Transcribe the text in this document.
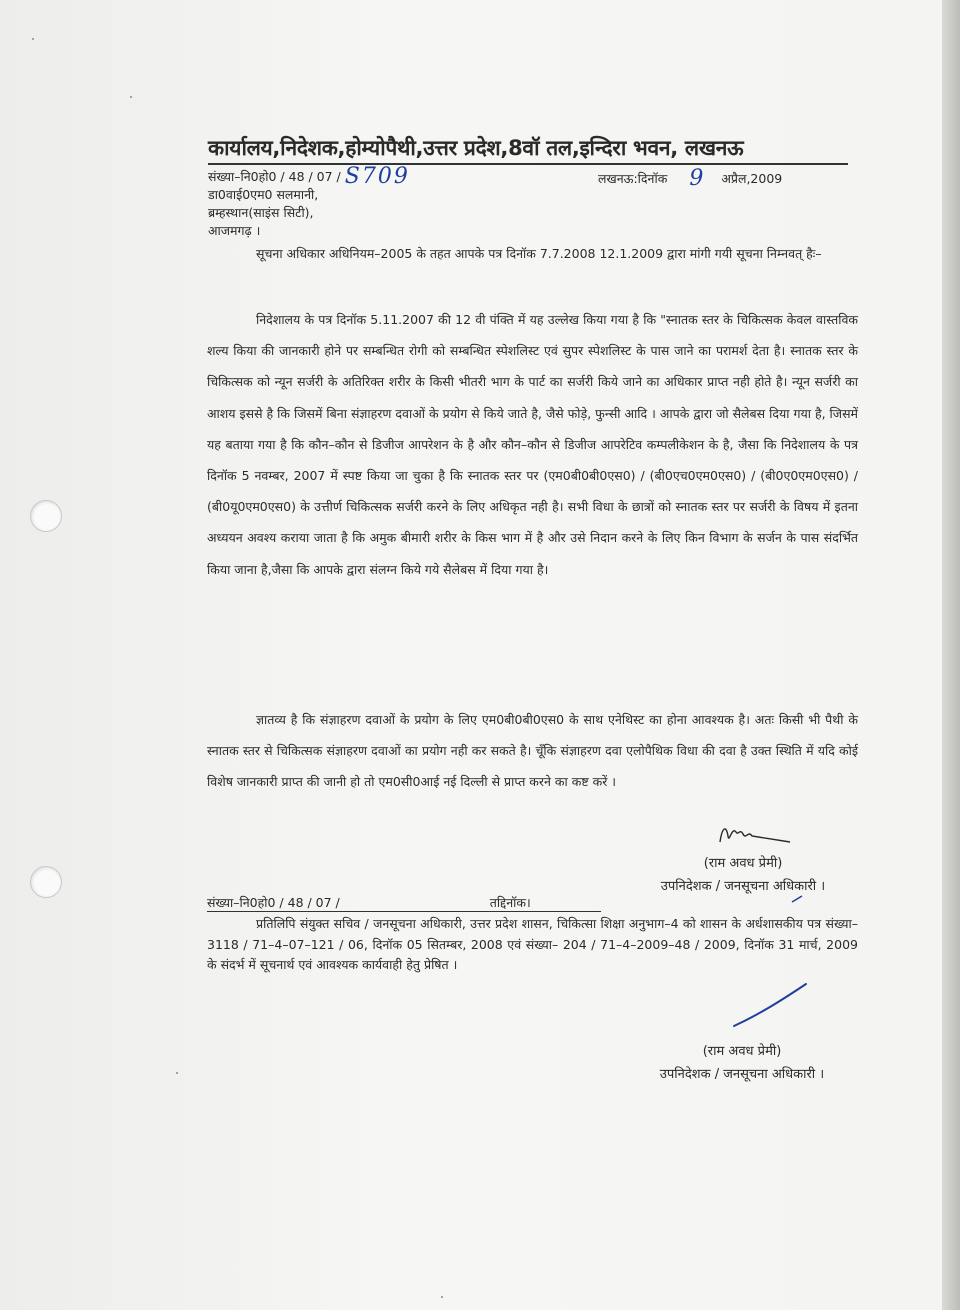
कार्यालय,निदेशक,होम्योपैथी,उत्तर प्रदेश,8वॉ तल,इन्दिरा भवन, लखनऊ
संख्या–नि0हो0 / 48 / 07 / S709	लखनऊ:दिनॉक 9 अप्रैल,2009
डा0वाई0एम0 सलमानी,
ब्रम्हस्थान(साइंस सिटी),
आजमगढ़ ।

सूचना अधिकार अधिनियम–2005 के तहत आपके पत्र दिनॉक 7.7.2008 12.1.2009 द्वारा मांगी गयी सूचना निम्नवत् हैः–

निदेशालय के पत्र दिनॉक 5.11.2007 की 12 वी पंक्ति में यह उल्लेख किया गया है कि "स्नातक स्तर के चिकित्सक केवल वास्तविक शल्य किया की जानकारी होने पर सम्बन्धित रोगी को सम्बन्धित स्पेशलिस्ट एवं सुपर स्पेशलिस्ट के पास जाने का परामर्श देता है। स्नातक स्तर के चिकित्सक को न्यून सर्जरी के अतिरिक्त शरीर के किसी भीतरी भाग के पार्ट का सर्जरी किये जाने का अधिकार प्राप्त नही होते है। न्यून सर्जरी का आशय इससे है कि जिसमें बिना संज्ञाहरण दवाओं के प्रयोग से किये जाते है, जैसे फोड़े, फुन्सी आदि । आपके द्वारा जो सैलेबस दिया गया है, जिसमें यह बताया गया है कि कौन–कौन से डिजीज आपरेशन के है और कौन–कौन से डिजीज आपरेटिव कम्पलीकेशन के है, जैसा कि निदेशालय के पत्र दिनॉक 5 नवम्बर, 2007 में स्पष्ट किया जा चुका है कि स्नातक स्तर पर (एम0बी0बी0एस0) / (बी0एच0एम0एस0) / (बी0ए0एम0एस0) / (बी0यू0एम0एस0) के उत्तीर्ण चिकित्सक सर्जरी करने के लिए अधिकृत नही है। सभी विधा के छात्रों को स्नातक स्तर पर सर्जरी के विषय में इतना अध्ययन अवश्य कराया जाता है कि अमुक बीमारी शरीर के किस भाग में है और उसे निदान करने के लिए किन विभाग के सर्जन के पास संदर्भित किया जाना है,जैसा कि आपके द्वारा संलग्न किये गये सैलेबस में दिया गया है।

ज्ञातव्य है कि संज्ञाहरण दवाओं के प्रयोग के लिए एम0बी0बी0एस0 के साथ एनेथिस्ट का होना आवश्यक है। अतः किसी भी पैथी के स्नातक स्तर से चिकित्सक संज्ञाहरण दवाओं का प्रयोग नही कर सकते है। चूँकि संज्ञाहरण दवा एलोपैथिक विधा की दवा है उक्त स्थिति में यदि कोई विशेष जानकारी प्राप्त की जानी हो तो एम0सी0आई नई दिल्ली से प्राप्त करने का कष्ट करें ।

(राम अवध प्रेमी)
उपनिदेशक / जनसूचना अधिकारी ।
संख्या–नि0हो0 / 48 / 07 /	तद्दिनॉक।

प्रतिलिपि संयुक्त सचिव / जनसूचना अधिकारी, उत्तर प्रदेश शासन, चिकित्सा शिक्षा अनुभाग–4 को शासन के अर्धशासकीय पत्र संख्या–3118 / 71–4–07–121 / 06, दिनॉक 05 सितम्बर, 2008 एवं संख्या– 204 / 71–4–2009–48 / 2009, दिनॉक 31 मार्च, 2009 के संदर्भ में सूचनार्थ एवं आवश्यक कार्यवाही हेतु प्रेषित ।

(राम अवध प्रेमी)
उपनिदेशक / जनसूचना अधिकारी ।
